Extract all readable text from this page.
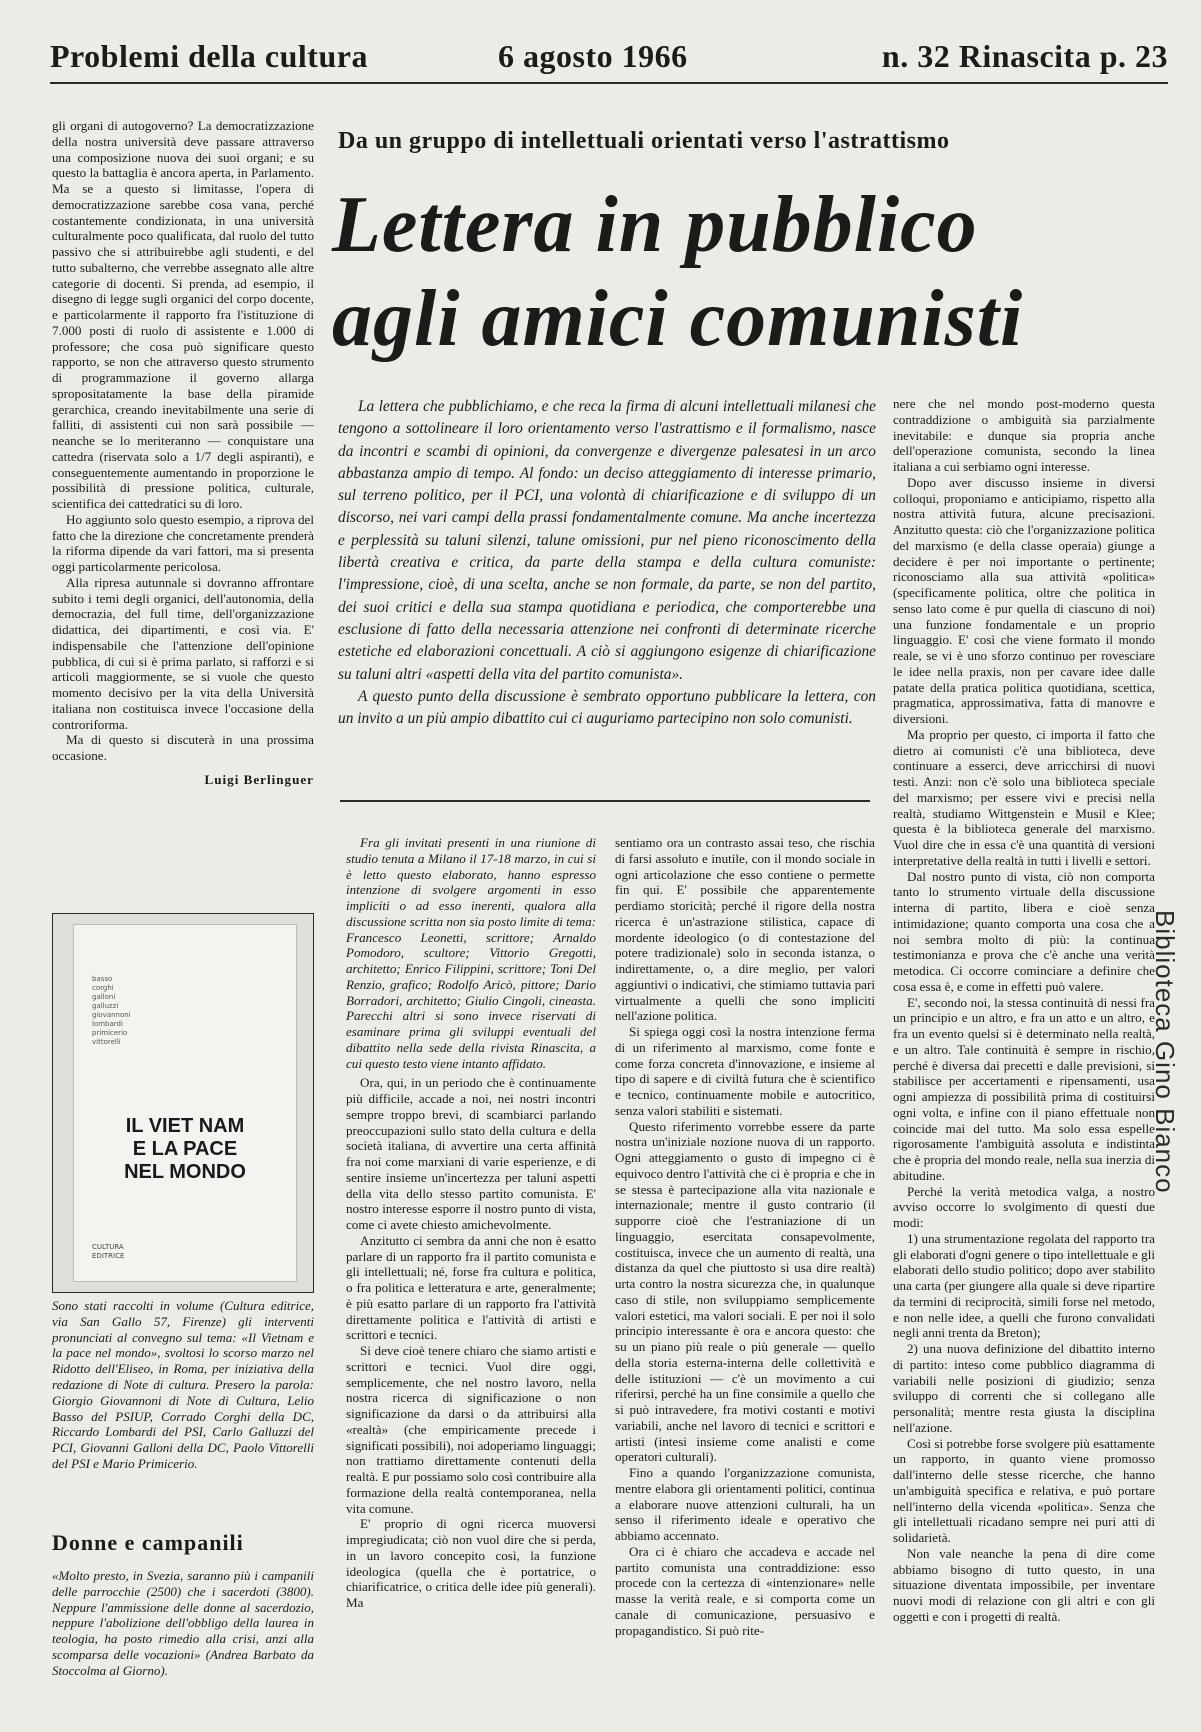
Problemi della cultura	6 agosto 1966	n. 32 Rinascita p. 23

gli organi di autogoverno? La democratizzazione della nostra università deve passare attraverso una composizione nuova dei suoi organi; e su questo la battaglia è ancora aperta, in Parlamento. Ma se a questo si limitasse, l'opera di democratizzazione sarebbe cosa vana, perché costantemente condizionata, in una università culturalmente poco qualificata, dal ruolo del tutto passivo che si attribuirebbe agli studenti, e del tutto subalterno, che verrebbe assegnato alle altre categorie di docenti. Si prenda, ad esempio, il disegno di legge sugli organici del corpo docente, e particolarmente il rapporto fra l'istituzione di 7.000 posti di ruolo di assistente e 1.000 di professore; che cosa può significare questo rapporto, se non che attraverso questo strumento di programmazione il governo allarga spropositatamente la base della piramide gerarchica, creando inevitabilmente una serie di falliti, di assistenti cui non sarà possibile — neanche se lo meriteranno — conquistare una cattedra (riservata solo a 1/7 degli aspiranti), e conseguentemente aumentando in proporzione le possibilità di pressione politica, culturale, scientifica dei cattedratici su di loro.

Ho aggiunto solo questo esempio, a riprova del fatto che la direzione che concretamente prenderà la riforma dipende da vari fattori, ma si presenta oggi particolarmente pericolosa.

Alla ripresa autunnale si dovranno affrontare subito i temi degli organici, dell'autonomia, della democrazia, del full time, dell'organizzazione didattica, dei dipartimenti, e così via. E' indispensabile che l'attenzione dell'opinione pubblica, di cui si è prima parlato, si rafforzi e si articoli maggiormente, se si vuole che questo momento decisivo per la vita della Università italiana non costituisca invece l'occasione della controriforma.

Ma di questo si discuterà in una prossima occasione.

Luigi Berlinguer

basso
corghi
galloni
galluzzi
giovannoni
lombardi
primicerio
vittorelli
IL VIET NAM
E LA PACE
NEL MONDO
CULTURA EDITRICE
Sono stati raccolti in volume (Cultura editrice, via San Gallo 57, Firenze) gli interventi pronunciati al convegno sul tema: «Il Vietnam e la pace nel mondo», svoltosi lo scorso marzo nel Ridotto dell'Eliseo, in Roma, per iniziativa della redazione di Note di cultura. Presero la parola: Giorgio Giovannoni di Note di Cultura, Lelio Basso del PSIUP, Corrado Corghi della DC, Riccardo Lombardi del PSI, Carlo Galluzzi del PCI, Giovanni Galloni della DC, Paolo Vittorelli del PSI e Mario Primicerio.
Donne e campanili
«Molto presto, in Svezia, saranno più i campanili delle parrocchie (2500) che i sacerdoti (3800). Neppure l'ammissione delle donne al sacerdozio, neppure l'abolizione dell'obbligo della laurea in teologia, ha posto rimedio alla crisi, anzi alla scomparsa delle vocazioni» (Andrea Barbato da Stoccolma al Giorno).
Da un gruppo di intellettuali orientati verso l'astrattismo
Lettera in pubblico
agli amici comunisti

La lettera che pubblichiamo, e che reca la firma di alcuni intellettuali milanesi che tengono a sottolineare il loro orientamento verso l'astrattismo e il formalismo, nasce da incontri e scambi di opinioni, da convergenze e divergenze palesatesi in un arco abbastanza ampio di tempo. Al fondo: un deciso atteggiamento di interesse primario, sul terreno politico, per il PCI, una volontà di chiarificazione e di sviluppo di un discorso, nei vari campi della prassi fondamentalmente comune. Ma anche incertezza e perplessità su taluni silenzi, talune omissioni, pur nel pieno riconoscimento della libertà creativa e critica, da parte della stampa e della cultura comuniste: l'impressione, cioè, di una scelta, anche se non formale, da parte, se non del partito, dei suoi critici e della sua stampa quotidiana e periodica, che comporterebbe una esclusione di fatto della necessaria attenzione nei confronti di determinate ricerche estetiche ed elaborazioni concettuali. A ciò si aggiungono esigenze di chiarificazione su taluni altri «aspetti della vita del partito comunista».

A questo punto della discussione è sembrato opportuno pubblicare la lettera, con un invito a un più ampio dibattito cui ci auguriamo partecipino non solo comunisti.

Fra gli invitati presenti in una riunione di studio tenuta a Milano il 17-18 marzo, in cui si è letto questo elaborato, hanno espresso intenzione di svolgere argomenti in esso impliciti o ad esso inerenti, qualora alla discussione scritta non sia posto limite di tema: Francesco Leonetti, scrittore; Arnaldo Pomodoro, scultore; Vittorio Gregotti, architetto; Enrico Filippini, scrittore; Toni Del Renzio, grafico; Rodolfo Aricò, pittore; Dario Borradori, architetto; Giulio Cingoli, cineasta. Parecchi altri si sono invece riservati di esaminare prima gli sviluppi eventuali del dibattito nella sede della rivista Rinascita, a cui questo testo viene intanto affidato.

Ora, qui, in un periodo che è continuamente più difficile, accade a noi, nei nostri incontri sempre troppo brevi, di scambiarci parlando preoccupazioni sullo stato della cultura e della società italiana, di avvertire una certa affinità fra noi come marxiani di varie esperienze, e di sentire insieme un'incertezza per taluni aspetti della vita dello stesso partito comunista. E' nostro interesse esporre il nostro punto di vista, come ci avete chiesto amichevolmente.

Anzitutto ci sembra da anni che non è esatto parlare di un rapporto fra il partito comunista e gli intellettuali; né, forse fra cultura e politica, o fra politica e letteratura e arte, generalmente; è più esatto parlare di un rapporto fra l'attività direttamente politica e l'attività di artisti e scrittori e tecnici.

Si deve cioè tenere chiaro che siamo artisti e scrittori e tecnici. Vuol dire oggi, semplicemente, che nel nostro lavoro, nella nostra ricerca di significazione o non significazione da darsi o da attribuirsi alla «realtà» (che empiricamente precede i significati possibili), noi adoperiamo linguaggi; non trattiamo direttamente contenuti della realtà. E pur possiamo solo così contribuire alla formazione della realtà contemporanea, nella vita comune.

E' proprio di ogni ricerca muoversi impregiudicata; ciò non vuol dire che si perda, in un lavoro concepito così, la funzione ideologica (quella che è portatrice, o chiarificatrice, o critica delle idee più generali). Ma

sentiamo ora un contrasto assai teso, che rischia di farsi assoluto e inutile, con il mondo sociale in ogni articolazione che esso contiene o permette fin qui. E' possibile che apparentemente perdiamo storicità; perché il rigore della nostra ricerca è un'astrazione stilistica, capace di mordente ideologico (o di contestazione del potere tradizionale) solo in seconda istanza, o indirettamente, o, a dire meglio, per valori aggiuntivi o indicativi, che stimiamo tuttavia pari virtualmente a quelli che sono impliciti nell'azione politica.

Si spiega oggi così la nostra intenzione ferma di un riferimento al marxismo, come fonte e come forza concreta d'innovazione, e insieme al tipo di sapere e di civiltà futura che è scientifico e tecnico, continuamente mobile e autocritico, senza valori stabiliti e sistemati.

Questo riferimento vorrebbe essere da parte nostra un'iniziale nozione nuova di un rapporto. Ogni atteggiamento o gusto di impegno ci è equivoco dentro l'attività che ci è propria e che in se stessa è partecipazione alla vita nazionale e internazionale; mentre il gusto contrario (il supporre cioè che l'estraniazione di un linguaggio, esercitata consapevolmente, costituisca, invece che un aumento di realtà, una distanza da quel che piuttosto si usa dire realtà) urta contro la nostra sicurezza che, in qualunque caso di stile, non sviluppiamo semplicemente valori estetici, ma valori sociali. E per noi il solo principio interessante è ora e ancora questo: che su un piano più reale o più generale — quello della storia esterna-interna delle collettività e delle istituzioni — c'è un movimento a cui riferirsi, perché ha un fine consimile a quello che si può intravedere, fra motivi costanti e motivi variabili, anche nel lavoro di tecnici e scrittori e artisti (intesi insieme come analisti e come operatori culturali).

Fino a quando l'organizzazione comunista, mentre elabora gli orientamenti politici, continua a elaborare nuove attenzioni culturali, ha un senso il riferimento ideale e operativo che abbiamo accennato.

Ora ci è chiaro che accadeva e accade nel partito comunista una contraddizione: esso procede con la certezza di «intenzionare» nelle masse la verità reale, e si comporta come un canale di comunicazione, persuasivo e propagandistico. Si può rite-

nere che nel mondo post-moderno questa contraddizione o ambiguità sia parzialmente inevitabile: e dunque sia propria anche dell'operazione comunista, secondo la linea italiana a cui serbiamo ogni interesse.

Dopo aver discusso insieme in diversi colloqui, proponiamo e anticipiamo, rispetto alla nostra attività futura, alcune precisazioni. Anzitutto questa: ciò che l'organizzazione politica del marxismo (e della classe operaia) giunge a decidere è per noi importante o pertinente; riconosciamo alla sua attività «politica» (specificamente politica, oltre che politica in senso lato come è pur quella di ciascuno di noi) una funzione fondamentale e un proprio linguaggio. E' così che viene formato il mondo reale, se vi è uno sforzo continuo per rovesciare le idee nella praxis, non per cavare idee dalle patate della pratica politica quotidiana, scettica, pragmatica, approssimativa, fatta di manovre e diversioni.

Ma proprio per questo, ci importa il fatto che dietro ai comunisti c'è una biblioteca, deve continuare a esserci, deve arricchirsi di nuovi testi. Anzi: non c'è solo una biblioteca speciale del marxismo; per essere vivi e precisi nella realtà, studiamo Wittgenstein e Musil e Klee; questa è la biblioteca generale del marxismo. Vuol dire che in essa c'è una quantità di versioni interpretative della realtà in tutti i livelli e settori.

Dal nostro punto di vista, ciò non comporta tanto lo strumento virtuale della discussione interna di partito, libera e cioè senza intimidazione; quanto comporta una cosa che a noi sembra molto di più: la continua testimonianza e prova che c'è anche una verità metodica. Ci occorre cominciare a definire che cosa essa è, e come in effetti può valere.

E', secondo noi, la stessa continuità di nessi fra un principio e un altro, e fra un atto e un altro, e fra un evento quelsi si è determinato nella realtà, e un altro. Tale continuità è sempre in rischio, perché è diversa dai precetti e dalle previsioni, si stabilisce per accertamenti e ripensamenti, usa ogni ampiezza di possibilità prima di costituirsi ogni volta, e infine con il piano effettuale non coincide mai del tutto. Ma solo essa espelle rigorosamente l'ambiguità assoluta e indistinta che è propria del mondo reale, nella sua inerzia di abitudine.

Perché la verità metodica valga, a nostro avviso occorre lo svolgimento di questi due modi:

1) una strumentazione regolata del rapporto tra gli elaborati d'ogni genere o tipo intellettuale e gli elaborati dello studio politico; dopo aver stabilito una carta (per giungere alla quale si deve ripartire da termini di reciprocità, simili forse nel metodo, e non nelle idee, a quelli che furono convalidati negli anni trenta da Breton);

2) una nuova definizione del dibattito interno di partito: inteso come pubblico diagramma di variabili nelle posizioni di giudizio; senza sviluppo di correnti che si collegano alle personalità; mentre resta giusta la disciplina nell'azione.

Così si potrebbe forse svolgere più esattamente un rapporto, in quanto viene promosso dall'interno delle stesse ricerche, che hanno un'ambiguità specifica e relativa, e può portare nell'interno della vicenda «politica». Senza che gli intellettuali ricadano sempre nei puri atti di solidarietà.

Non vale neanche la pena di dire come abbiamo bisogno di tutto questo, in una situazione diventata impossibile, per inventare nuovi modi di relazione con gli altri e con gli oggetti e con i progetti di realtà.

Biblioteca Gino Bianco
